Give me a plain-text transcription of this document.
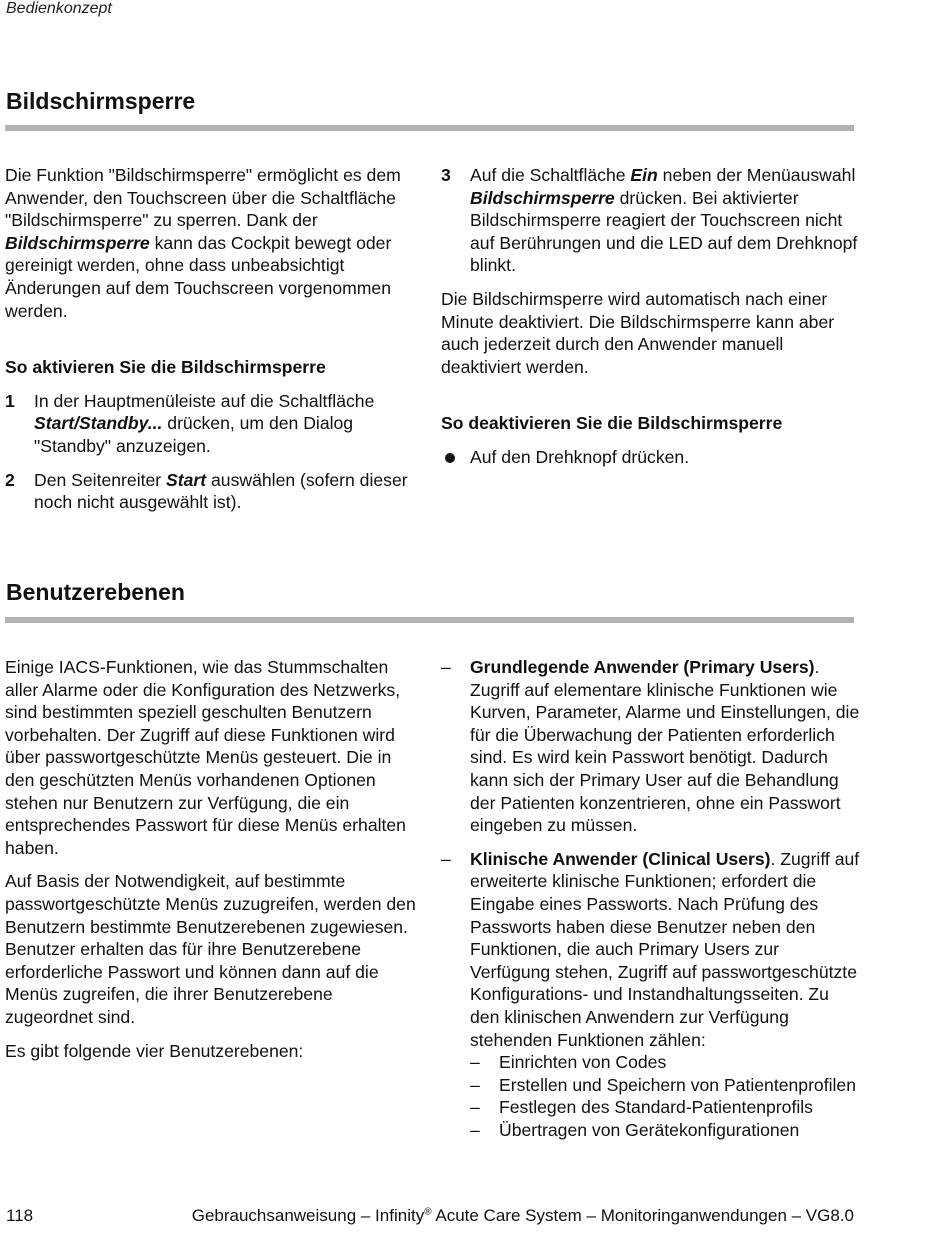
Bedienkonzept
Bildschirmsperre

Die Funktion "Bildschirmsperre" ermöglicht es dem Anwender, den Touchscreen über die Schaltfläche "Bildschirmsperre" zu sperren. Dank der Bildschirmsperre kann das Cockpit bewegt oder gereinigt werden, ohne dass unbeabsichtigt Änderungen auf dem Touchscreen vorgenommen werden.

So aktivieren Sie die Bildschirmsperre

1 In der Hauptmenüleiste auf die Schaltfläche Start/Standby... drücken, um den Dialog "Standby" anzuzeigen.
2 Den Seitenreiter Start auswählen (sofern dieser noch nicht ausgewählt ist).
3 Auf die Schaltfläche Ein neben der Menüauswahl Bildschirmsperre drücken. Bei aktivierter Bildschirmsperre reagiert der Touchscreen nicht auf Berührungen und die LED auf dem Drehknopf blinkt.

Die Bildschirmsperre wird automatisch nach einer Minute deaktiviert. Die Bildschirmsperre kann aber auch jederzeit durch den Anwender manuell deaktiviert werden.

So deaktivieren Sie die Bildschirmsperre

Auf den Drehknopf drücken.
Benutzerebenen

Einige IACS-Funktionen, wie das Stummschalten aller Alarme oder die Konfiguration des Netzwerks, sind bestimmten speziell geschulten Benutzern vorbehalten. Der Zugriff auf diese Funktionen wird über passwortgeschützte Menüs gesteuert. Die in den geschützten Menüs vorhandenen Optionen stehen nur Benutzern zur Verfügung, die ein entsprechendes Passwort für diese Menüs erhalten haben.

Auf Basis der Notwendigkeit, auf bestimmte passwortgeschützte Menüs zuzugreifen, werden den Benutzern bestimmte Benutzerebenen zugewiesen. Benutzer erhalten das für ihre Benutzerebene erforderliche Passwort und können dann auf die Menüs zugreifen, die ihrer Benutzerebene zugeordnet sind.

Es gibt folgende vier Benutzerebenen:

– Grundlegende Anwender (Primary Users). Zugriff auf elementare klinische Funktionen wie Kurven, Parameter, Alarme und Einstellungen, die für die Überwachung der Patienten erforderlich sind. Es wird kein Passwort benötigt. Dadurch kann sich der Primary User auf die Behandlung der Patienten konzentrieren, ohne ein Passwort eingeben zu müssen.
– Klinische Anwender (Clinical Users). Zugriff auf erweiterte klinische Funktionen; erfordert die Eingabe eines Passworts. Nach Prüfung des Passworts haben diese Benutzer neben den Funktionen, die auch Primary Users zur Verfügung stehen, Zugriff auf passwortgeschützte Konfigurations- und Instandhaltungsseiten. Zu den klinischen Anwendern zur Verfügung stehenden Funktionen zählen:
– Einrichten von Codes
– Erstellen und Speichern von Patientenprofilen
– Festlegen des Standard-Patientenprofils
– Übertragen von Gerätekonfigurationen
118	Gebrauchsanweisung – Infinity® Acute Care System – Monitoringanwendungen – VG8.0
